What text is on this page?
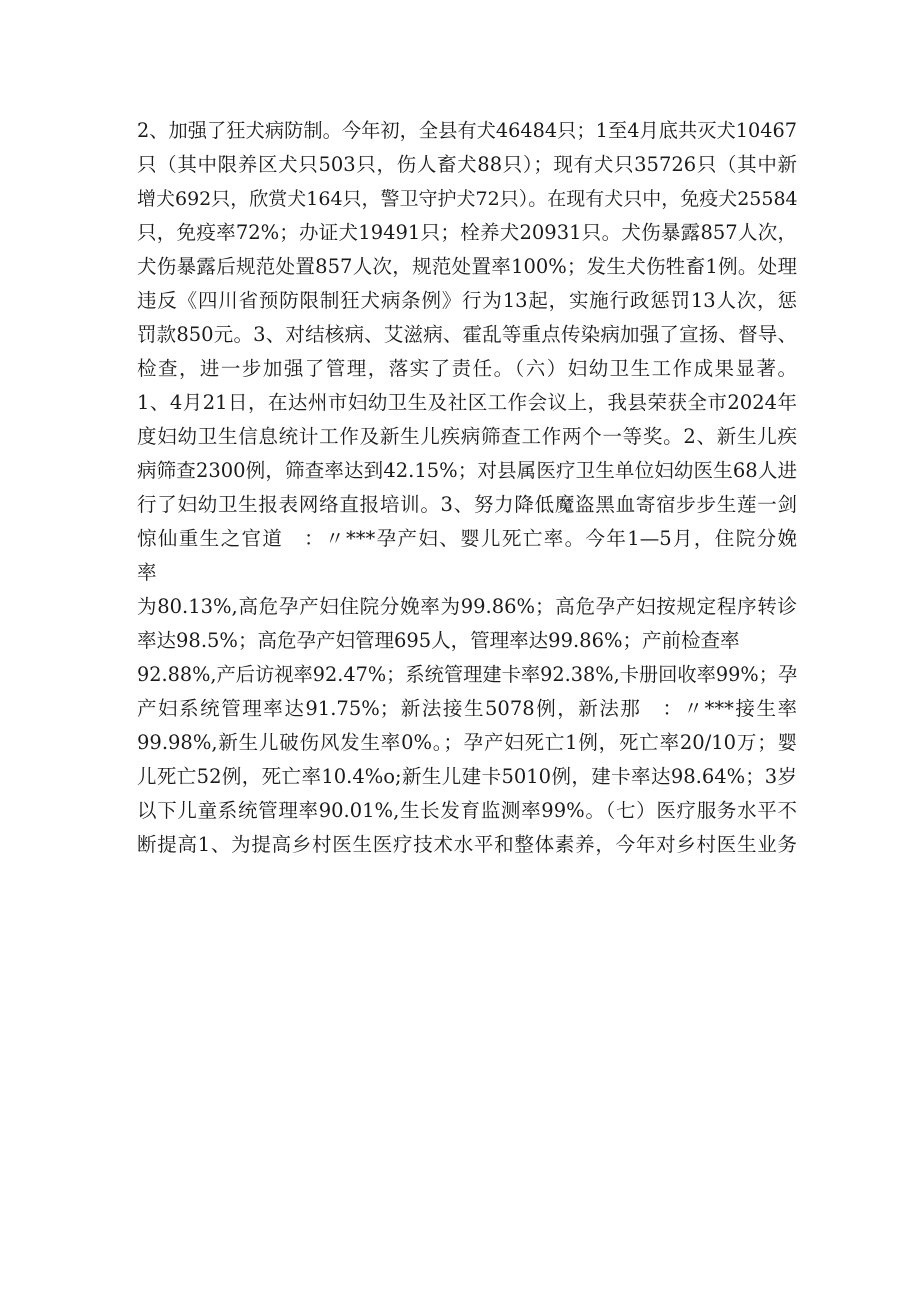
2、加强了狂犬病防制。今年初，全县有犬46484只；1至4月底共灭犬10467
只（其中限养区犬只503只，伤人畜犬88只）；现有犬只35726只（其中新
增犬692只，欣赏犬164只，警卫守护犬72只）。在现有犬只中，免疫犬25584
只，免疫率72%；办证犬19491只；栓养犬20931只。犬伤暴露857人次，
犬伤暴露后规范处置857人次，规范处置率100%；发生犬伤牲畜1例。处理
违反《四川省预防限制狂犬病条例》行为13起，实施行政惩罚13人次，惩
罚款850元。3、对结核病、艾滋病、霍乱等重点传染病加强了宣扬、督导、
检查，进一步加强了管理，落实了责任。（六）妇幼卫生工作成果显著。
1、4月21日，在达州市妇幼卫生及社区工作会议上，我县荣获全市2024年
度妇幼卫生信息统计工作及新生儿疾病筛查工作两个一等奖。2、新生儿疾
病筛查2300例，筛查率达到42.15%；对县属医疗卫生单位妇幼医生68人进
行了妇幼卫生报表网络直报培训。3、努力降低魔盗黑血寄宿步步生莲一剑
惊仙重生之官道　：〃***孕产妇、婴儿死亡率。今年1—5月，住院分娩
率
为80.13%,高危孕产妇住院分娩率为99.86%；高危孕产妇按规定程序转诊
率达98.5%；高危孕产妇管理695人，管理率达99.86%；产前检查率
92.88%,产后访视率92.47%；系统管理建卡率92.38%,卡册回收率99%；孕
产妇系统管理率达91.75%；新法接生5078例，新法那　：〃***接生率
99.98%,新生儿破伤风发生率0%。；孕产妇死亡1例，死亡率20/10万；婴
儿死亡52例，死亡率10.4%o;新生儿建卡5010例，建卡率达98.64%；3岁
以下儿童系统管理率90.01%,生长发育监测率99%。（七）医疗服务水平不
断提高1、为提高乡村医生医疗技术水平和整体素养，今年对乡村医生业务
